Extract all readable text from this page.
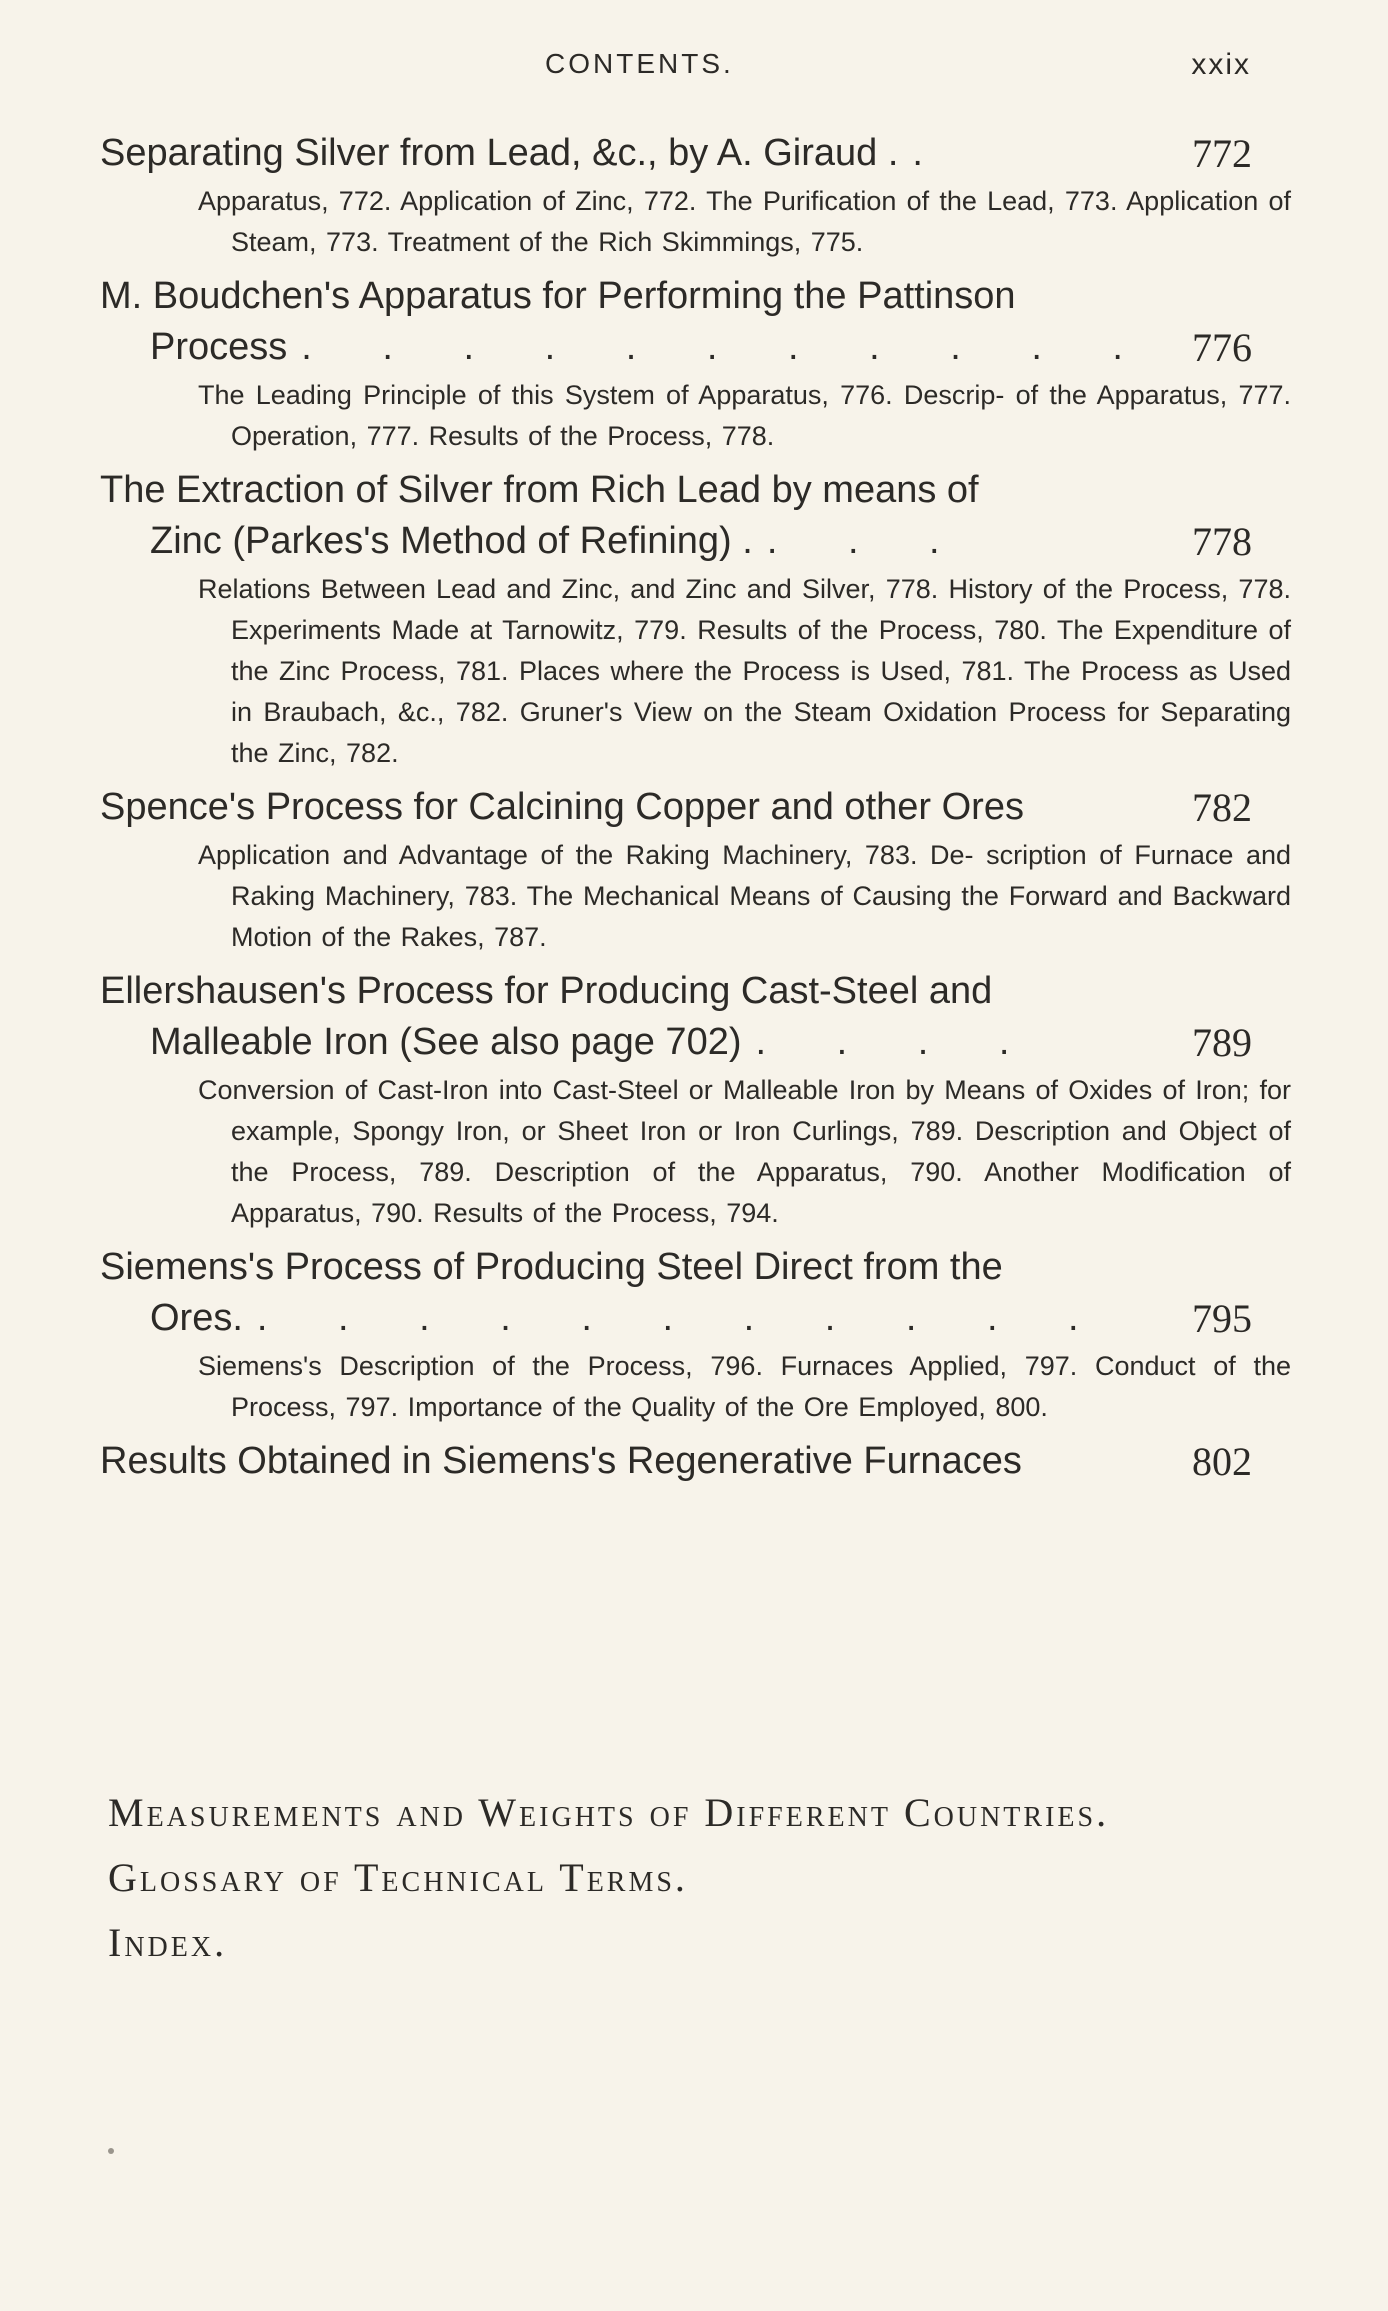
CONTENTS.	xxix
Separating Silver from Lead, &c., by A. Giraud . .	772
Apparatus, 772. Application of Zinc, 772. The Purification of the Lead, 773. Application of Steam, 773. Treatment of the Rich Skimmings, 775.
M. Boudchen's Apparatus for Performing the Pattinson
Process . . . . . . . . . . . 776
The Leading Principle of this System of Apparatus, 776. Descrip- of the Apparatus, 777. Operation, 777. Results of the Process, 778.
The Extraction of Silver from Rich Lead by means of
Zinc (Parkes's Method of Refining) . . . .	778
Relations Between Lead and Zinc, and Zinc and Silver, 778. History of the Process, 778. Experiments Made at Tarnowitz, 779. Results of the Process, 780. The Expenditure of the Zinc Process, 781. Places where the Process is Used, 781. The Process as Used in Braubach, &c., 782. Gruner's View on the Steam Oxidation Process for Separating the Zinc, 782.
Spence's Process for Calcining Copper and other Ores	782
Application and Advantage of the Raking Machinery, 783. De- scription of Furnace and Raking Machinery, 783. The Mechanical Means of Causing the Forward and Backward Motion of the Rakes, 787.
Ellershausen's Process for Producing Cast-Steel and
Malleable Iron (See also page 702) . . . .	789
Conversion of Cast-Iron into Cast-Steel or Malleable Iron by Means of Oxides of Iron; for example, Spongy Iron, or Sheet Iron or Iron Curlings, 789. Description and Object of the Process, 789. Description of the Apparatus, 790. Another Modification of Apparatus, 790. Results of the Process, 794.
Siemens's Process of Producing Steel Direct from the
Ores. . . . . . . . . . . . 795
Siemens's Description of the Process, 796. Furnaces Applied, 797. Conduct of the Process, 797. Importance of the Quality of the Ore Employed, 800.
Results Obtained in Siemens's Regenerative Furnaces	802
Measurements and Weights of Different Countries.
Glossary of Technical Terms.
Index.
